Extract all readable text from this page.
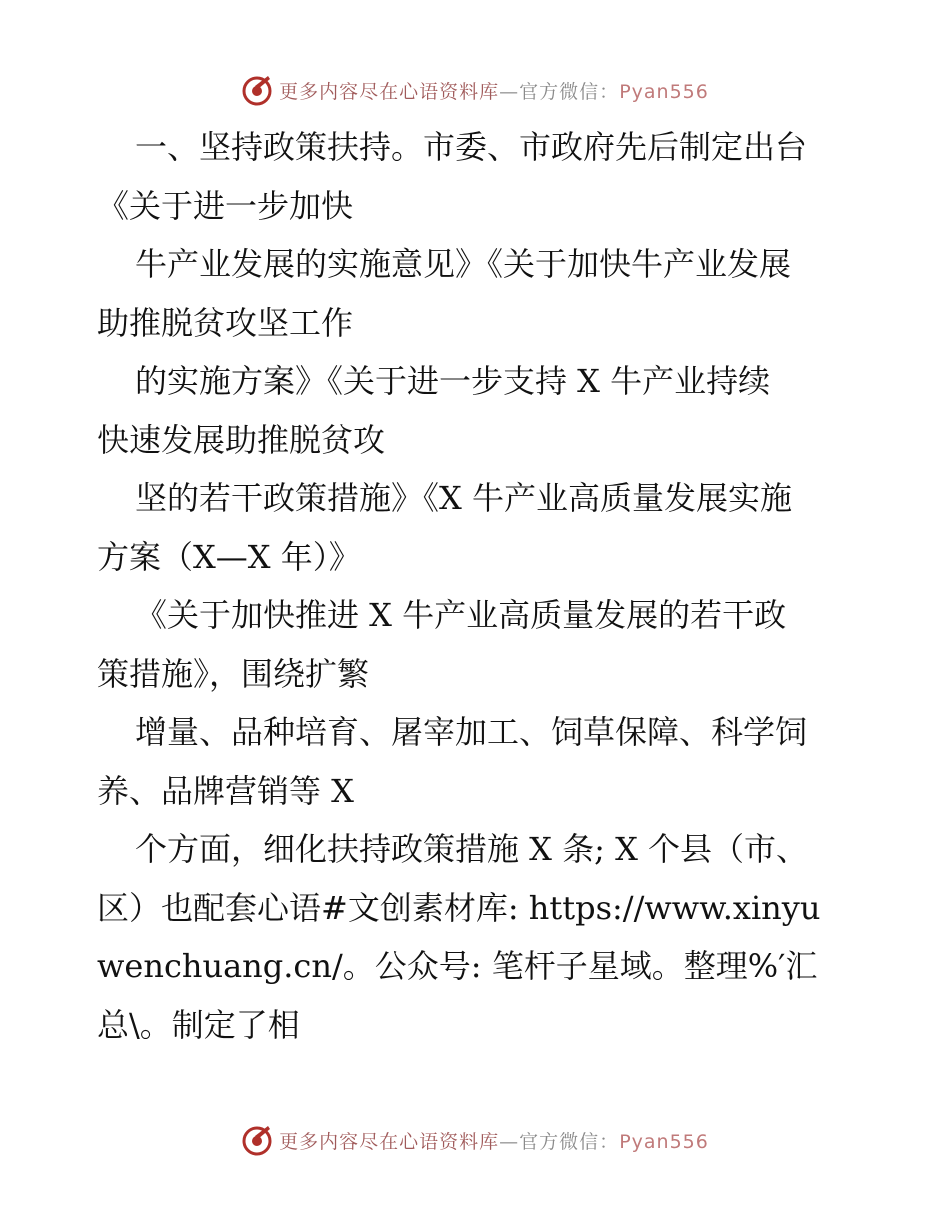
更多内容尽在心语资料库—官方微信：Pyan556
一、坚持政策扶持。市委、市政府先后制定出台
《关于进一步加快
牛产业发展的实施意见》《关于加快牛产业发展
助推脱贫攻坚工作
的实施方案》《关于进一步支持 X 牛产业持续
快速发展助推脱贫攻
坚的若干政策措施》《X 牛产业高质量发展实施
方案（X—X 年）》
《关于加快推进 X 牛产业高质量发展的若干政
策措施》，围绕扩繁
增量、品种培育、屠宰加工、饲草保障、科学饲
养、品牌营销等 X
个方面，细化扶持政策措施 X 条; X 个县（市、
区）也配套心语#文创素材库: https://www.xinyu
wenchuang.cn/。公众号: 笔杆子星域。整理%′汇
总\。制定了相
更多内容尽在心语资料库—官方微信：Pyan556
